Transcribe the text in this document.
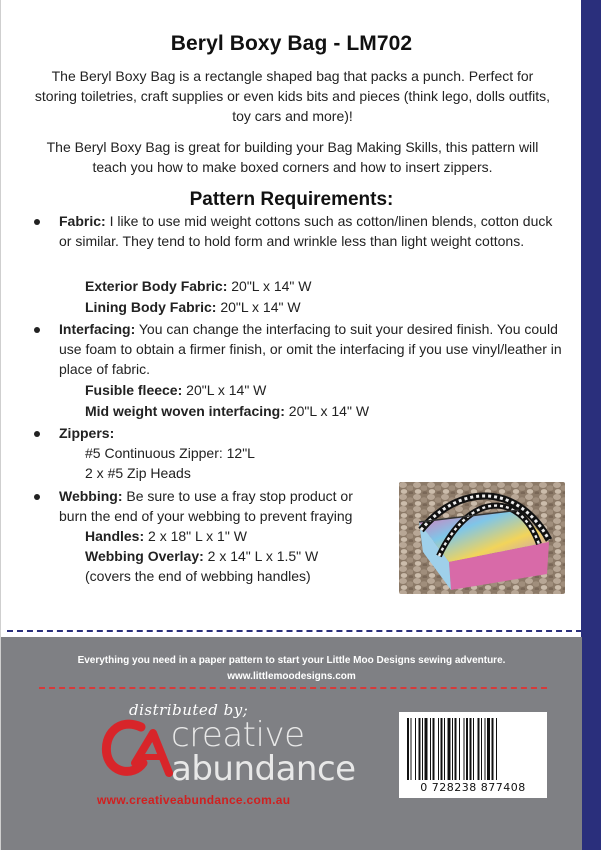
Beryl Boxy Bag - LM702
The Beryl Boxy Bag is a rectangle shaped bag that packs a punch. Perfect for storing toiletries, craft supplies or even kids bits and pieces (think lego, dolls outfits, toy cars and more)!
The Beryl Boxy Bag is great for building your Bag Making Skills, this pattern will teach you how to make boxed corners and how to insert zippers.
Pattern Requirements:
Fabric: I like to use mid weight cottons such as cotton/linen blends, cotton duck or similar. They tend to hold form and wrinkle less than light weight cottons.
Exterior Body Fabric: 20"L x 14" W
Lining Body Fabric: 20"L x 14" W
Interfacing: You can change the interfacing to suit your desired finish. You could use foam to obtain a firmer finish, or omit the interfacing if you use vinyl/leather in place of fabric.
Fusible fleece: 20"L x 14" W
Mid weight woven interfacing: 20"L x 14" W
Zippers:
#5 Continuous Zipper: 12"L
2 x #5 Zip Heads
Webbing: Be sure to use a fray stop product or
burn the end of your webbing to prevent fraying
Handles: 2 x 18" L x 1" W
Webbing Overlay: 2 x 14" L x 1.5" W
(covers the end of webbing handles)
Everything you need in a paper pattern to start your Little Moo Designs sewing adventure.
www.littlemoodesigns.com
distributed by;
creative
abundance
www.creativeabundance.com.au
0 728238 877408
